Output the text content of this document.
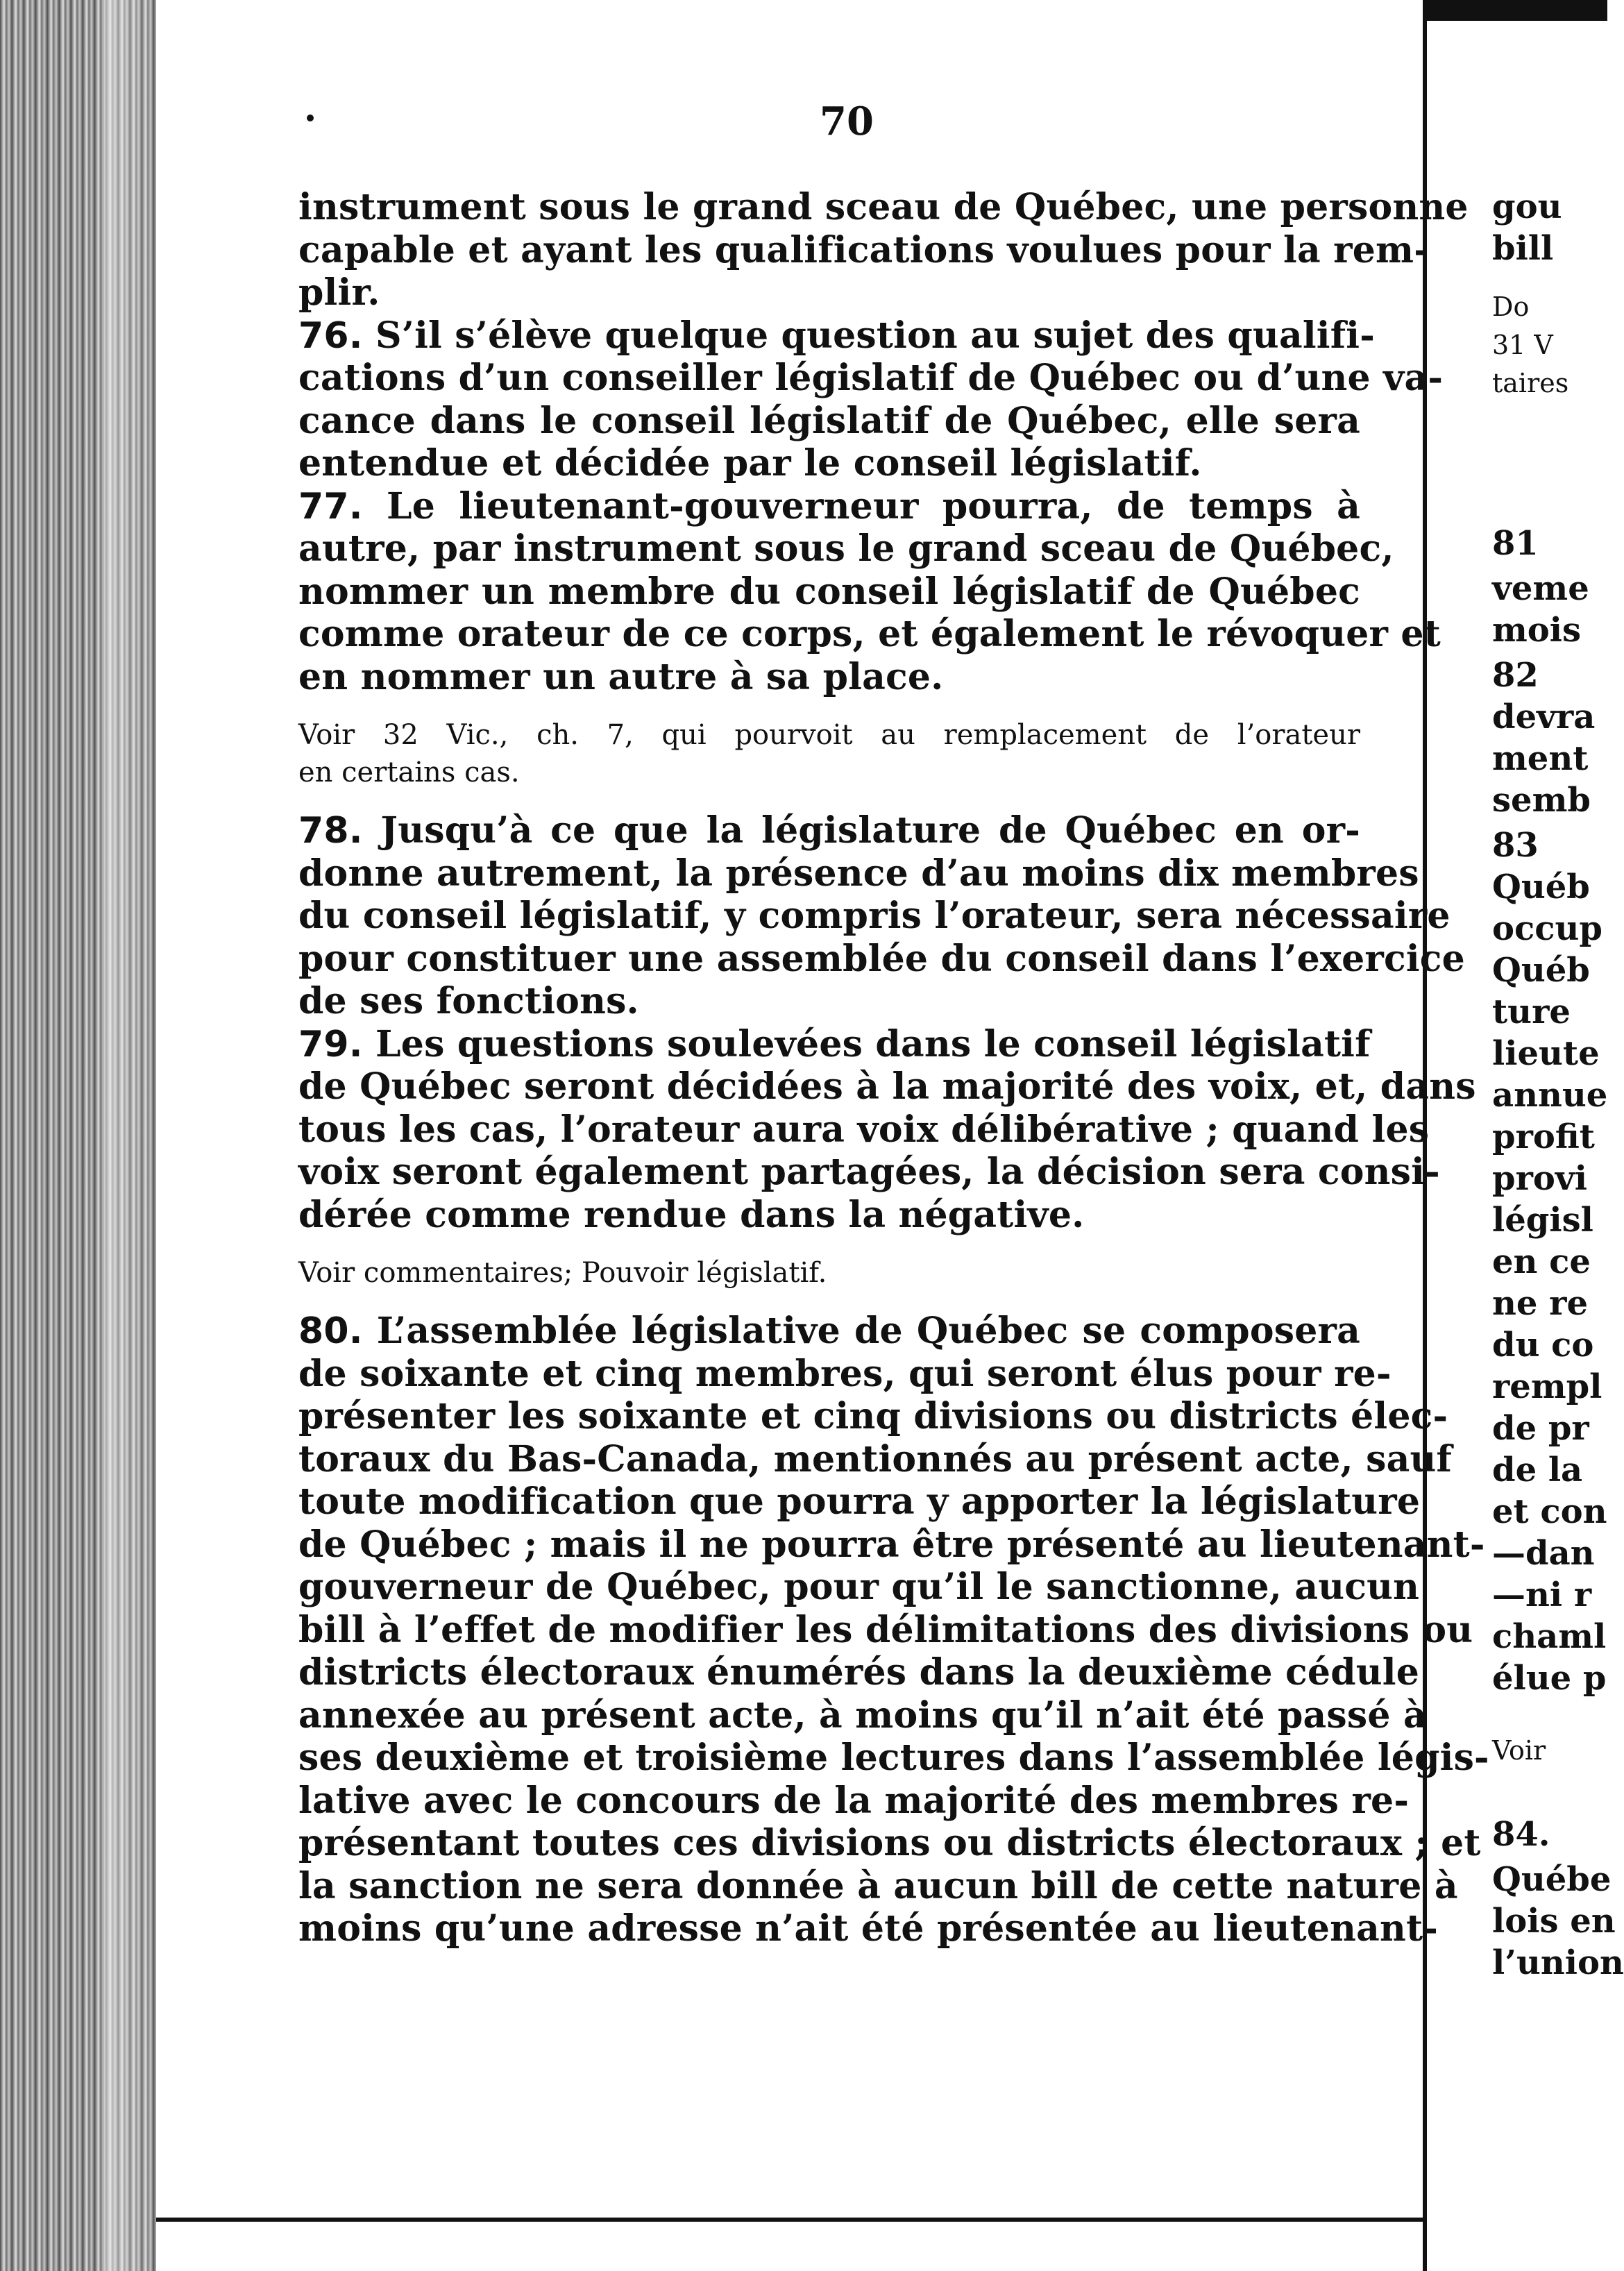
70
instrument sous le grand sceau de Québec, une personne
capable et ayant les qualifications voulues pour la rem-
plir.
76. S’il s’élève quelque question au sujet des qualifi-
cations d’un conseiller législatif de Québec ou d’une va-
cance dans le conseil législatif de Québec, elle sera
entendue et décidée par le conseil législatif.
77. Le lieutenant-gouverneur pourra, de temps à
autre, par instrument sous le grand sceau de Québec,
nommer un membre du conseil législatif de Québec
comme orateur de ce corps, et également le révoquer et
en nommer un autre à sa place.
Voir 32 Vic., ch. 7, qui pourvoit au remplacement de l’orateur
en certains cas.
78. Jusqu’à ce que la législature de Québec en or-
donne autrement, la présence d’au moins dix membres
du conseil législatif, y compris l’orateur, sera nécessaire
pour constituer une assemblée du conseil dans l’exercice
de ses fonctions.
79. Les questions soulevées dans le conseil législatif
de Québec seront décidées à la majorité des voix, et, dans
tous les cas, l’orateur aura voix délibérative ; quand les
voix seront également partagées, la décision sera consi-
dérée comme rendue dans la négative.
Voir commentaires; Pouvoir législatif.
80. L’assemblée législative de Québec se composera
de soixante et cinq membres, qui seront élus pour re-
présenter les soixante et cinq divisions ou districts élec-
toraux du Bas-Canada, mentionnés au présent acte, sauf
toute modification que pourra y apporter la législature
de Québec ; mais il ne pourra être présenté au lieutenant-
gouverneur de Québec, pour qu’il le sanctionne, aucun
bill à l’effet de modifier les délimitations des divisions ou
districts électoraux énumérés dans la deuxième cédule
annexée au présent acte, à moins qu’il n’ait été passé à
ses deuxième et troisième lectures dans l’assemblée légis-
lative avec le concours de la majorité des membres re-
présentant toutes ces divisions ou districts électoraux ; et
la sanction ne sera donnée à aucun bill de cette nature à
moins qu’une adresse n’ait été présentée au lieutenant-
gou
bill
Do
31 V
taires
81
veme
mois
82
devra
ment
semb
83
Québ
occup
Québ
ture
lieute
annue
profit
provi
législ
en ce
ne re
du co
rempl
de pr
de la
et con
—dan
—ni r
chaml
élue p
Voir
84.
Québe
lois en
l’union
